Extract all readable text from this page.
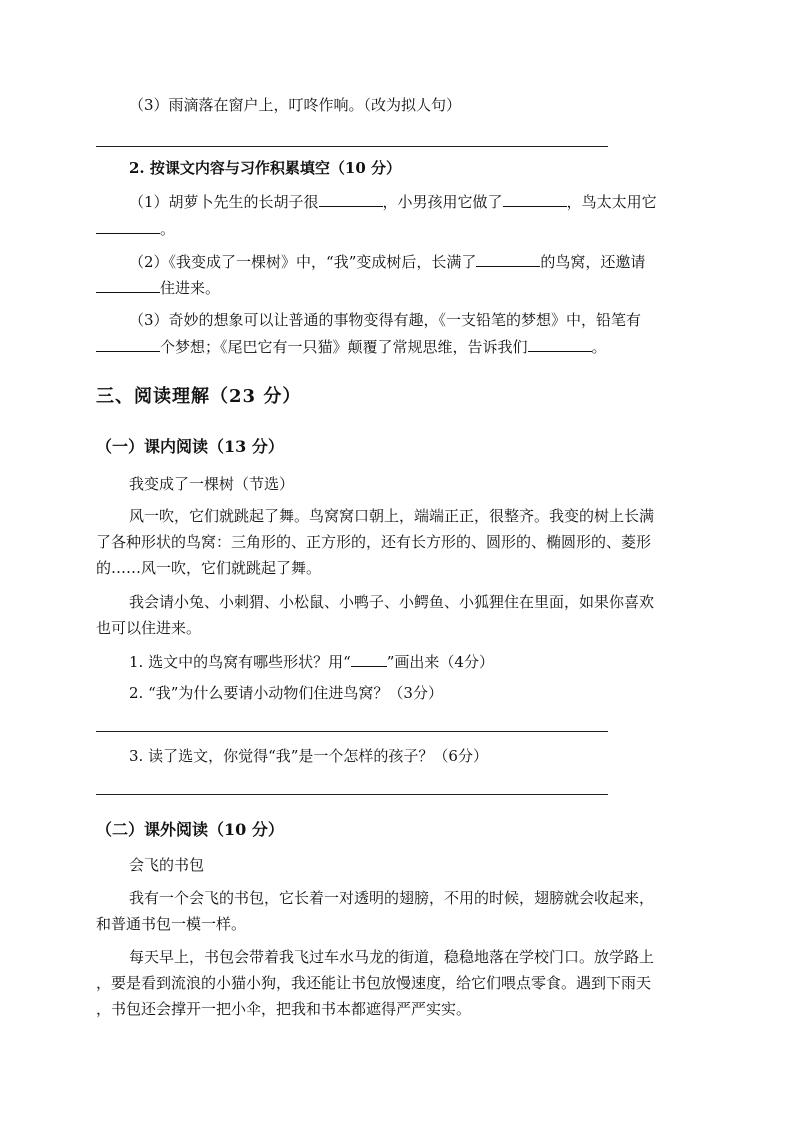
（3）雨滴落在窗户上，叮咚作响。（改为拟人句）
2. 按课文内容与习作积累填空（10 分）
（1）胡萝卜先生的长胡子很	，小男孩用它做了	，鸟太太用它
。
（2）《我变成了一棵树》中，“我”变成树后，长满了	的鸟窝，还邀请
住进来。
（3）奇妙的想象可以让普通的事物变得有趣，《一支铅笔的梦想》中，铅笔有
个梦想；《尾巴它有一只猫》颠覆了常规思维，告诉我们	。
三、阅读理解（23 分）
（一）课内阅读（13 分）
我变成了一棵树（节选）
风一吹，它们就跳起了舞。鸟窝窝口朝上，端端正正，很整齐。我变的树上长满
了各种形状的鸟窝：三角形的、正方形的，还有长方形的、圆形的、椭圆形的、菱形
的……风一吹，它们就跳起了舞。
我会请小兔、小刺猬、小松鼠、小鸭子、小鳄鱼、小狐狸住在里面，如果你喜欢
也可以住进来。
1. 选文中的鸟窝有哪些形状？用“ ”画出来（4分）
2. “我”为什么要请小动物们住进鸟窝？（3分）
3. 读了选文，你觉得“我”是一个怎样的孩子？（6分）
（二）课外阅读（10 分）
会飞的书包
我有一个会飞的书包，它长着一对透明的翅膀，不用的时候，翅膀就会收起来，
和普通书包一模一样。
每天早上，书包会带着我飞过车水马龙的街道，稳稳地落在学校门口。放学路上
，要是看到流浪的小猫小狗，我还能让书包放慢速度，给它们喂点零食。遇到下雨天
，书包还会撑开一把小伞，把我和书本都遮得严严实实。
